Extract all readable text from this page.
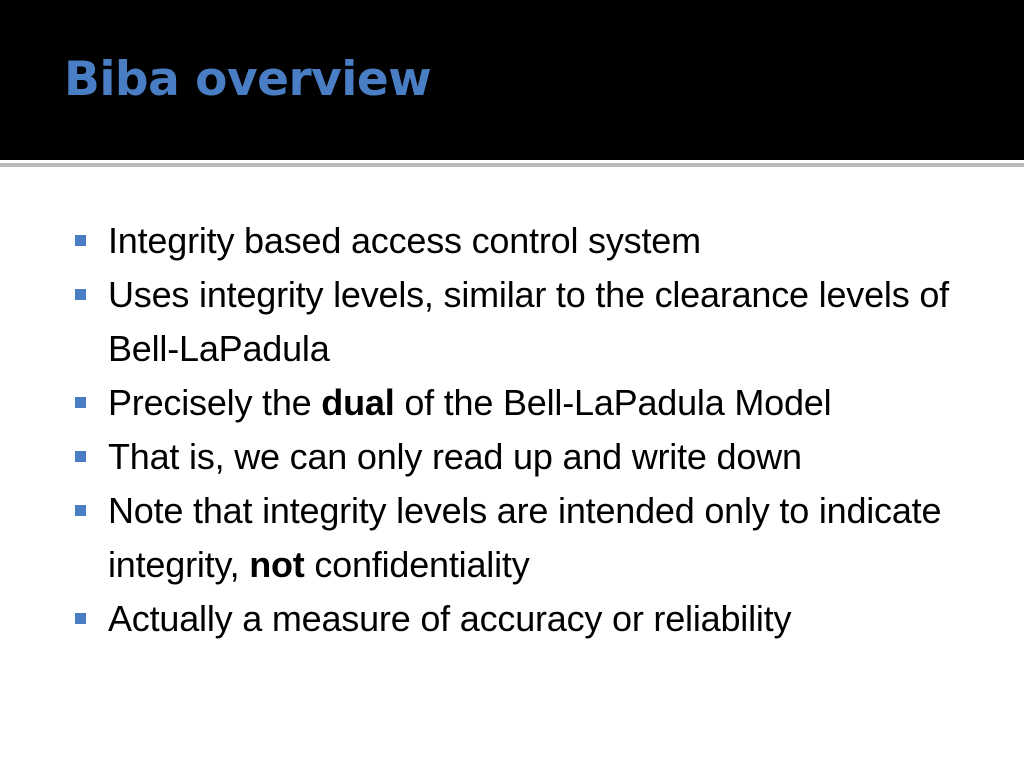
Biba overview
Integrity based access control system
Uses integrity levels, similar to the clearance levels of Bell-LaPadula
Precisely the dual of the Bell-LaPadula Model
That is, we can only read up and write down
Note that integrity levels are intended only to indicate integrity, not confidentiality
Actually a measure of accuracy or reliability
